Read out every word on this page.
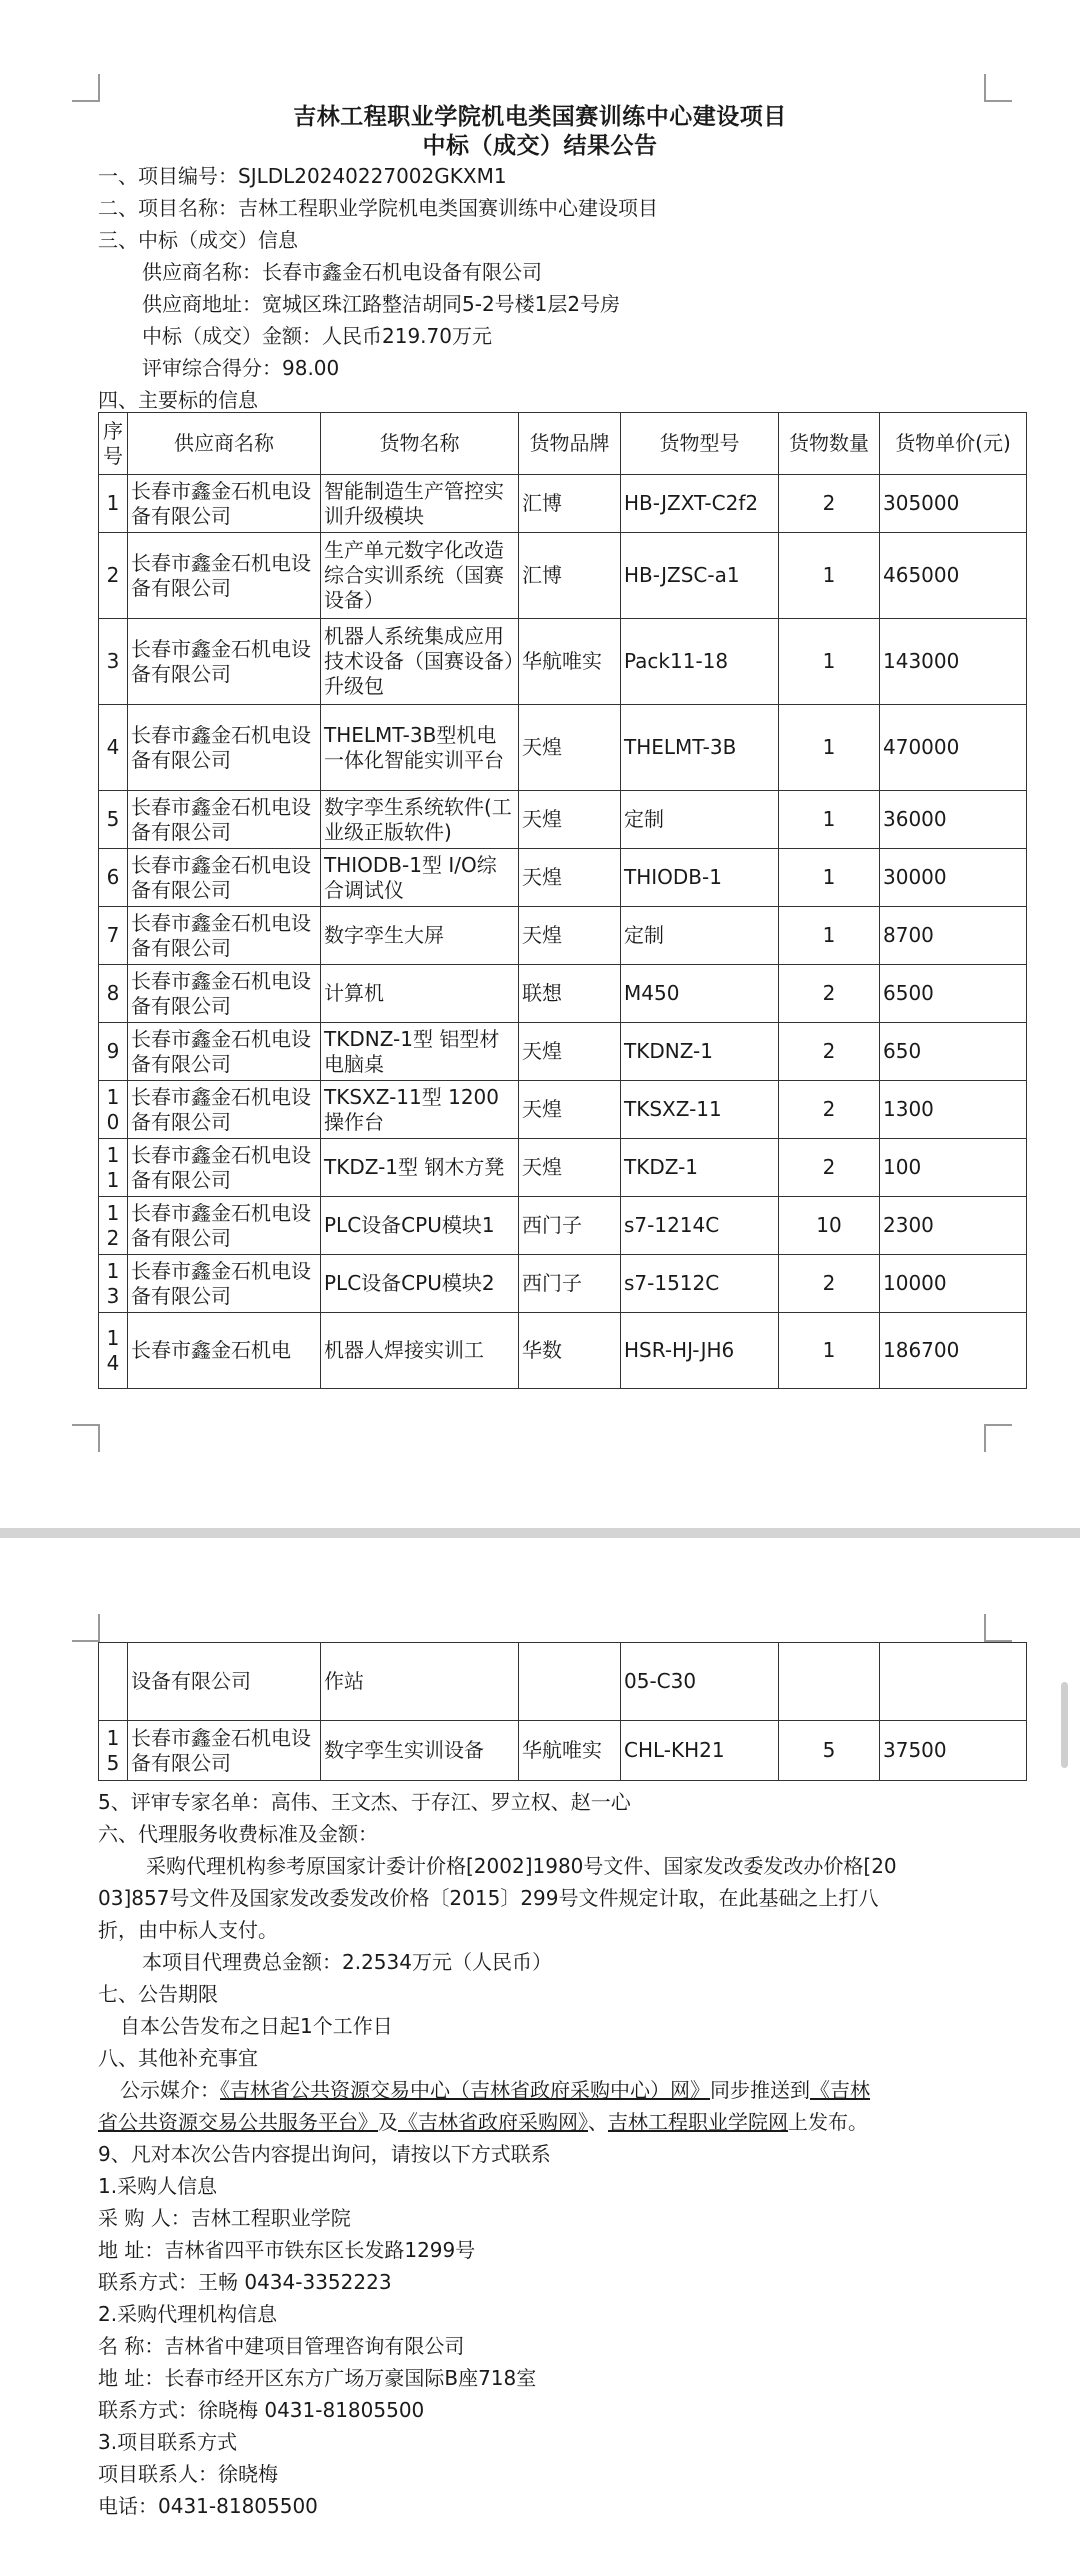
吉林工程职业学院机电类国赛训练中心建设项目
中标（成交）结果公告
一、项目编号：SJLDL20240227002GKXM1
二、项目名称：吉林工程职业学院机电类国赛训练中心建设项目
三、中标（成交）信息
供应商名称：长春市鑫金石机电设备有限公司
供应商地址：宽城区珠江路整洁胡同5-2号楼1层2号房
中标（成交）金额：人民币219.70万元
评审综合得分：98.00
四、主要标的信息
序号	供应商名称	货物名称	货物品牌	货物型号	货物数量	货物单价(元)
1	长春市鑫金石机电设备有限公司	智能制造生产管控实训升级模块	汇博	HB-JZXT-C2f2	2	305000
2	长春市鑫金石机电设备有限公司	生产单元数字化改造综合实训系统（国赛设备）	汇博	HB-JZSC-a1	1	465000
3	长春市鑫金石机电设备有限公司	机器人系统集成应用技术设备（国赛设备）升级包	华航唯实	Pack11-18	1	143000
4	长春市鑫金石机电设备有限公司	THELMT-3B型机电一体化智能实训平台	天煌	THELMT-3B	1	470000
5	长春市鑫金石机电设备有限公司	数字孪生系统软件(工业级正版软件)	天煌	定制	1	36000
6	长春市鑫金石机电设备有限公司	THIODB-1型 I/O综合调试仪	天煌	THIODB-1	1	30000
7	长春市鑫金石机电设备有限公司	数字孪生大屏	天煌	定制	1	8700
8	长春市鑫金石机电设备有限公司	计算机	联想	M450	2	6500
9	长春市鑫金石机电设备有限公司	TKDNZ-1型 铝型材电脑桌	天煌	TKDNZ-1	2	650
10	长春市鑫金石机电设备有限公司	TKSXZ-11型 1200操作台	天煌	TKSXZ-11	2	1300
11	长春市鑫金石机电设备有限公司	TKDZ-1型 钢木方凳	天煌	TKDZ-1	2	100
12	长春市鑫金石机电设备有限公司	PLC设备CPU模块1	西门子	s7-1214C	10	2300
13	长春市鑫金石机电设备有限公司	PLC设备CPU模块2	西门子	s7-1512C	2	10000
14	长春市鑫金石机电	机器人焊接实训工	华数	HSR-HJ-JH6	1	186700
	设备有限公司	作站		05-C30		
15	长春市鑫金石机电设备有限公司	数字孪生实训设备	华航唯实	CHL-KH21	5	37500
5、评审专家名单：高伟、王文杰、于存江、罗立权、赵一心
六、代理服务收费标准及金额：
采购代理机构参考原国家计委计价格[2002]1980号文件、国家发改委发改办价格[20
03]857号文件及国家发改委发改价格〔2015〕299号文件规定计取，在此基础之上打八
折，由中标人支付。
本项目代理费总金额：2.2534万元（人民币）
七、公告期限
自本公告发布之日起1个工作日
八、其他补充事宜
公示媒介：《吉林省公共资源交易中心（吉林省政府采购中心）网》同步推送到《吉林
省公共资源交易公共服务平台》及《吉林省政府采购网》、吉林工程职业学院网上发布。
9、凡对本次公告内容提出询问，请按以下方式联系
1.采购人信息
采 购 人：吉林工程职业学院
地 址：吉林省四平市铁东区长发路1299号
联系方式：王畅 0434-3352223
2.采购代理机构信息
名 称：吉林省中建项目管理咨询有限公司
地 址：长春市经开区东方广场万豪国际B座718室
联系方式：徐晓梅 0431-81805500
3.项目联系方式
项目联系人：徐晓梅
电话：0431-81805500
